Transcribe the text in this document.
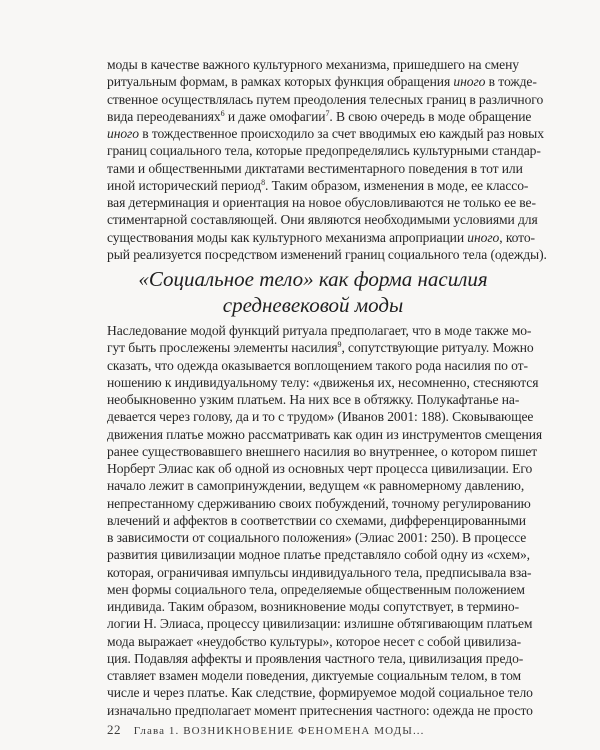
моды в качестве важного культурного механизма, пришедшего на смену
ритуальным формам, в рамках которых функция обращения иного в тожде-
ственное осуществлялась путем преодоления телесных границ в различного
вида переодеваниях$^6$ и даже омофагии$^7$. В свою очередь в моде обращение
иного в тождественное происходило за счет вводимых ею каждый раз новых
границ социального тела, которые предопределялись культурными стандар-
тами и общественными диктатами вестиментарного поведения в тот или
иной исторический период$^8$. Таким образом, изменения в моде, ее классо-
вая детерминация и ориентация на новое обусловливаются не только ее ве-
стиментарной составляющей. Они являются необходимыми условиями для
существования моды как культурного механизма апроприации иного, кото-
рый реализуется посредством изменений границ социального тела (одежды).

«Социальное тело» как форма насилия
средневековой моды

Наследование модой функций ритуала предполагает, что в моде также мо-
гут быть прослежены элементы насилия$^9$, сопутствующие ритуалу. Можно
сказать, что одежда оказывается воплощением такого рода насилия по от-
ношению к индивидуальному телу: «движенья их, несомненно, стесняются
необыкновенно узким платьем. На них все в обтяжку. Полукафтанье на-
девается через голову, да и то с трудом» (Иванов 2001: 188). Сковывающее
движения платье можно рассматривать как один из инструментов смещения
ранее существовавшего внешнего насилия во внутреннее, о котором пишет
Норберт Элиас как об одной из основных черт процесса цивилизации. Его
начало лежит в самопринуждении, ведущем «к равномерному давлению,
непрестанному сдерживанию своих побуждений, точному регулированию
влечений и аффектов в соответствии со схемами, дифференцированными
в зависимости от социального положения» (Элиас 2001: 250). В процессе
развития цивилизации модное платье представляло собой одну из «схем»,
которая, ограничивая импульсы индивидуального тела, предписывала взa-
мен формы социального тела, определяемые общественным положением
индивида. Таким образом, возникновение моды сопутствует, в термино-
логии Н. Элиаса, процессу цивилизации: излишне обтягивающим платьем
мода выражает «неудобство культуры», которое несет с собой цивилиза-
ция. Подавляя аффекты и проявления частного тела, цивилизация предо-
ставляет взамен модели поведения, диктуемые социальным телом, в том
числе и через платье. Как следствие, формируемое модой социальное тело
изначально предполагает момент притеснения частного: одежда не просто

22 Глава 1. ВОЗНИКНОВЕНИЕ ФЕНОМЕНА МОДЫ...
